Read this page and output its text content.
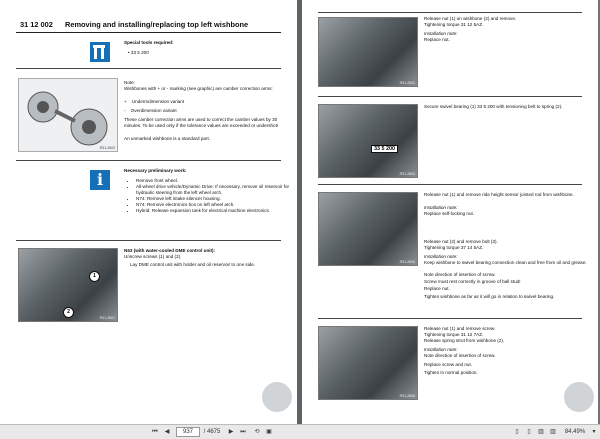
31 12 002 Removing and installing/replacing top left wishbone
Special tools required:
• 33 5 200
R31-2603
Note:
Wishbones with + or - marking (see graphic) are camber correction arms:
+ Undermdimension variant
- Overdimension variant
These camber correction arms are used to correct the camber values by 30 minutes. To be used only if the tolerance values are exceeded or undershot!
An unmarked wishbone is a standard part.
i	Necessary preliminary work:
• Remove front wheel.
• All-wheel drive vehicle/Dynamic Drive: If necessary, remove oil reservoir for hydraulic steering from the left wheel arch.
• N74: Remove left intake silencer housing.
• N74: Remove electronics box on left wheel arch.
• Hybrid: Release expansion tank for electrical machine electronics.
1
2
R31-2601
N63 (with water-cooled DME control unit):
Unscrew screws (1) and (2).
Lay DME control unit with holder and oil reservoir to one side.
R31-2802
Release nut (1) on wishbone (2) and remove.
Tightening torque 31 12 5AZ.
Installation note:
Replace nut.
33 5 200
R31-2803
Secure swivel bearing (1) 33 5 200 with tensioning belt to spring (2).
R31-2805
Release nut (1) and remove ride height sensor jointed rod from wishbone.
Installation note:
Replace self-locking nut.
Release nut (2) and remove bolt (3).
Tightening torque 37 14 5AZ.
Installation note:
Keep wishbone to swivel bearing connection clean and free from oil and grease.
Note direction of insertion of screw.
Screw must rest correctly in groove of ball stud!
Replace nut.
Tighten wishbone as far as it will go in relation to swivel bearing.
R31-2806
Release nut (1) and remove screw.
Tightening torque 31 12 7AZ.
Release spring strut from wishbone (2).
Installation note:
Note direction of insertion of screw.
Replace screw and nut.
Tighten in normal position.
⏮	◀	937	/ 4675	▶	⏭	⟲	▣	▯	▯	▥	▥	84.49%	▾
